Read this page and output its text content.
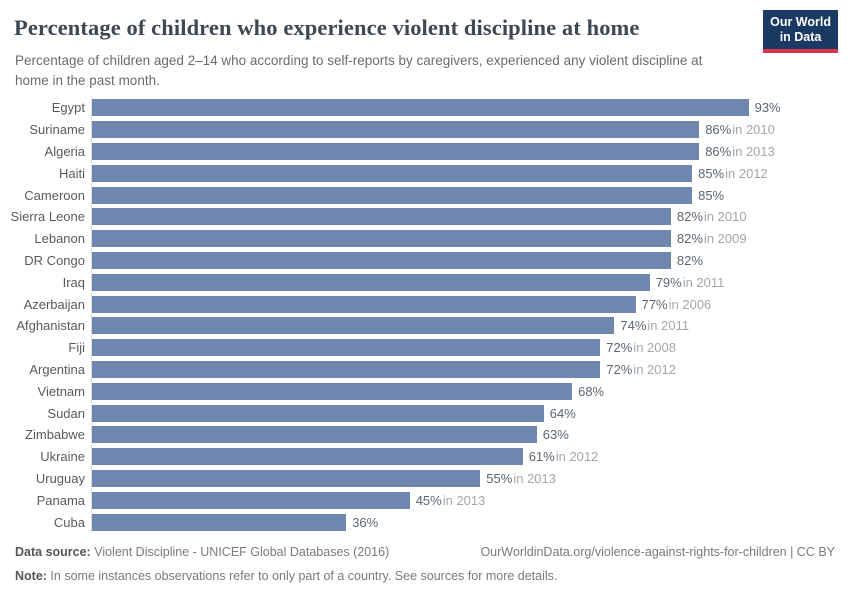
Percentage of children who experience violent discipline at home

Percentage of children aged 2–14 who according to self-reports by caregivers, experienced any violent discipline at home in the past month.

Our World
in Data
Egypt	93%
Suriname	86% in 2010
Algeria	86% in 2013
Haiti	85% in 2012
Cameroon	85%
Sierra Leone	82% in 2010
Lebanon	82% in 2009
DR Congo	82%
Iraq	79% in 2011
Azerbaijan	77% in 2006
Afghanistan	74% in 2011
Fiji	72% in 2008
Argentina	72% in 2012
Vietnam	68%
Sudan	64%
Zimbabwe	63%
Ukraine	61% in 2012
Uruguay	55% in 2013
Panama	45% in 2013
Cuba	36%
Data source: Violent Discipline - UNICEF Global Databases (2016)	OurWorldinData.org/violence-against-rights-for-children | CC BY
Note: In some instances observations refer to only part of a country. See sources for more details.
